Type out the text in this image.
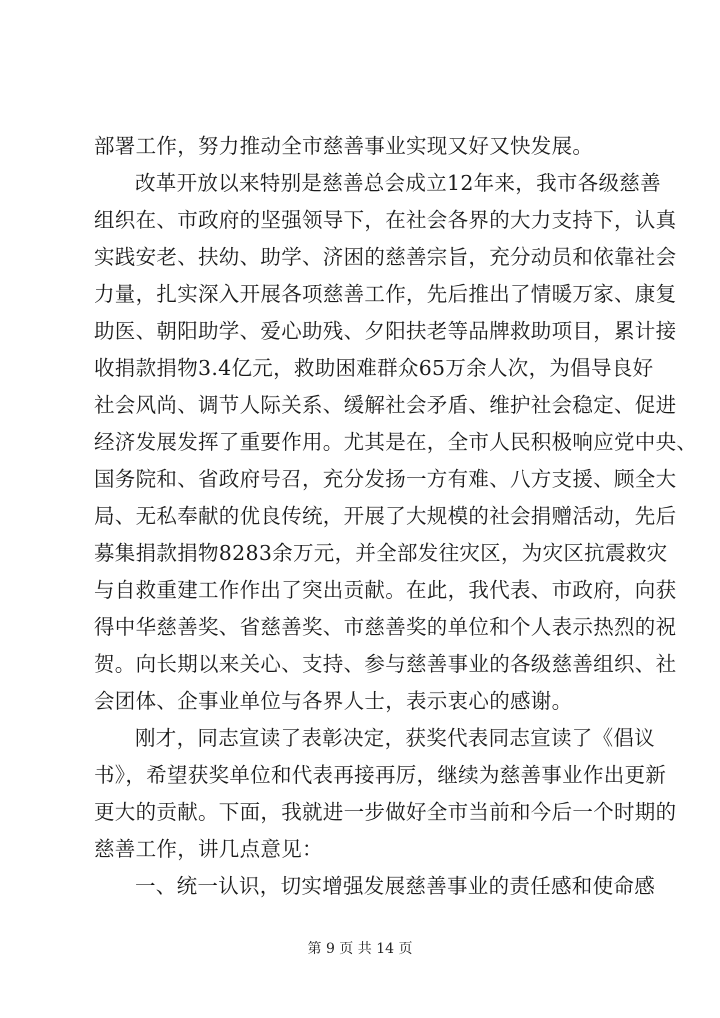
部署工作，努力推动全市慈善事业实现又好又快发展。
改革开放以来特别是慈善总会成立12年来，我市各级慈善
组织在、市政府的坚强领导下，在社会各界的大力支持下，认真
实践安老、扶幼、助学、济困的慈善宗旨，充分动员和依靠社会
力量，扎实深入开展各项慈善工作，先后推出了情暖万家、康复
助医、朝阳助学、爱心助残、夕阳扶老等品牌救助项目，累计接
收捐款捐物3.4亿元，救助困难群众65万余人次，为倡导良好
社会风尚、调节人际关系、缓解社会矛盾、维护社会稳定、促进
经济发展发挥了重要作用。尤其是在，全市人民积极响应党中央、
国务院和、省政府号召，充分发扬一方有难、八方支援、顾全大
局、无私奉献的优良传统，开展了大规模的社会捐赠活动，先后
募集捐款捐物8283余万元，并全部发往灾区，为灾区抗震救灾
与自救重建工作作出了突出贡献。在此，我代表、市政府，向获
得中华慈善奖、省慈善奖、市慈善奖的单位和个人表示热烈的祝
贺。向长期以来关心、支持、参与慈善事业的各级慈善组织、社
会团体、企事业单位与各界人士，表示衷心的感谢。
刚才，同志宣读了表彰决定，获奖代表同志宣读了《倡议
书》，希望获奖单位和代表再接再厉，继续为慈善事业作出更新
更大的贡献。下面，我就进一步做好全市当前和今后一个时期的
慈善工作，讲几点意见：
一、统一认识，切实增强发展慈善事业的责任感和使命感
第 9 页 共 14 页
